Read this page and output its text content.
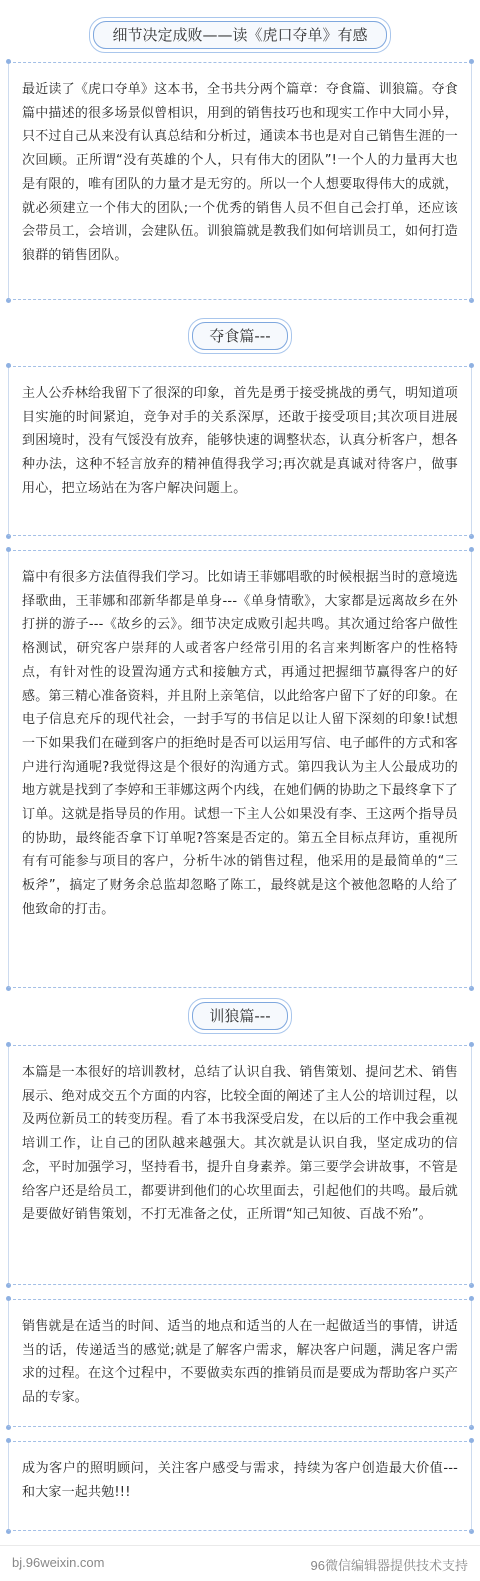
细节决定成败——读《虎口夺单》有感
最近读了《虎口夺单》这本书，全书共分两个篇章：夺食篇、训狼篇。夺食篇中描述的很多场景似曾相识，用到的销售技巧也和现实工作中大同小异，只不过自己从来没有认真总结和分析过，通读本书也是对自己销售生涯的一次回顾。正所谓“没有英雄的个人，只有伟大的团队”!一个人的力量再大也是有限的，唯有团队的力量才是无穷的。所以一个人想要取得伟大的成就，就必须建立一个伟大的团队;一个优秀的销售人员不但自己会打单，还应该会带员工，会培训，会建队伍。训狼篇就是教我们如何培训员工，如何打造狼群的销售团队。
夺食篇---
主人公乔林给我留下了很深的印象，首先是勇于接受挑战的勇气，明知道项目实施的时间紧迫，竞争对手的关系深厚，还敢于接受项目;其次项目进展到困境时，没有气馁没有放弃，能够快速的调整状态，认真分析客户，想各种办法，这种不轻言放弃的精神值得我学习;再次就是真诚对待客户，做事用心，把立场站在为客户解决问题上。
篇中有很多方法值得我们学习。比如请王菲娜唱歌的时候根据当时的意境选择歌曲，王菲娜和邵新华都是单身---《单身情歌》，大家都是远离故乡在外打拼的游子---《故乡的云》。细节决定成败引起共鸣。其次通过给客户做性格测试，研究客户崇拜的人或者客户经常引用的名言来判断客户的性格特点，有针对性的设置沟通方式和接触方式，再通过把握细节赢得客户的好感。第三精心准备资料，并且附上亲笔信，以此给客户留下了好的印象。在电子信息充斥的现代社会，一封手写的书信足以让人留下深刻的印象!试想一下如果我们在碰到客户的拒绝时是否可以运用写信、电子邮件的方式和客户进行沟通呢?我觉得这是个很好的沟通方式。第四我认为主人公最成功的地方就是找到了李婷和王菲娜这两个内线，在她们俩的协助之下最终拿下了订单。这就是指导员的作用。试想一下主人公如果没有李、王这两个指导员的协助，最终能否拿下订单呢?答案是否定的。第五全目标点拜访，重视所有有可能参与项目的客户，分析牛冰的销售过程，他采用的是最简单的“三板斧”，搞定了财务余总监却忽略了陈工，最终就是这个被他忽略的人给了他致命的打击。
训狼篇---
本篇是一本很好的培训教材，总结了认识自我、销售策划、提问艺术、销售展示、绝对成交五个方面的内容，比较全面的阐述了主人公的培训过程，以及两位新员工的转变历程。看了本书我深受启发，在以后的工作中我会重视培训工作，让自己的团队越来越强大。其次就是认识自我，坚定成功的信念，平时加强学习，坚持看书，提升自身素养。第三要学会讲故事，不管是给客户还是给员工，都要讲到他们的心坎里面去，引起他们的共鸣。最后就是要做好销售策划，不打无准备之仗，正所谓“知己知彼、百战不殆”。
销售就是在适当的时间、适当的地点和适当的人在一起做适当的事情，讲适当的话，传递适当的感觉;就是了解客户需求，解决客户问题，满足客户需求的过程。在这个过程中，不要做卖东西的推销员而是要成为帮助客户买产品的专家。
成为客户的照明顾问，关注客户感受与需求，持续为客户创造最大价值---和大家一起共勉!!!
bj.96weixin.com	96微信编辑器提供技术支持
